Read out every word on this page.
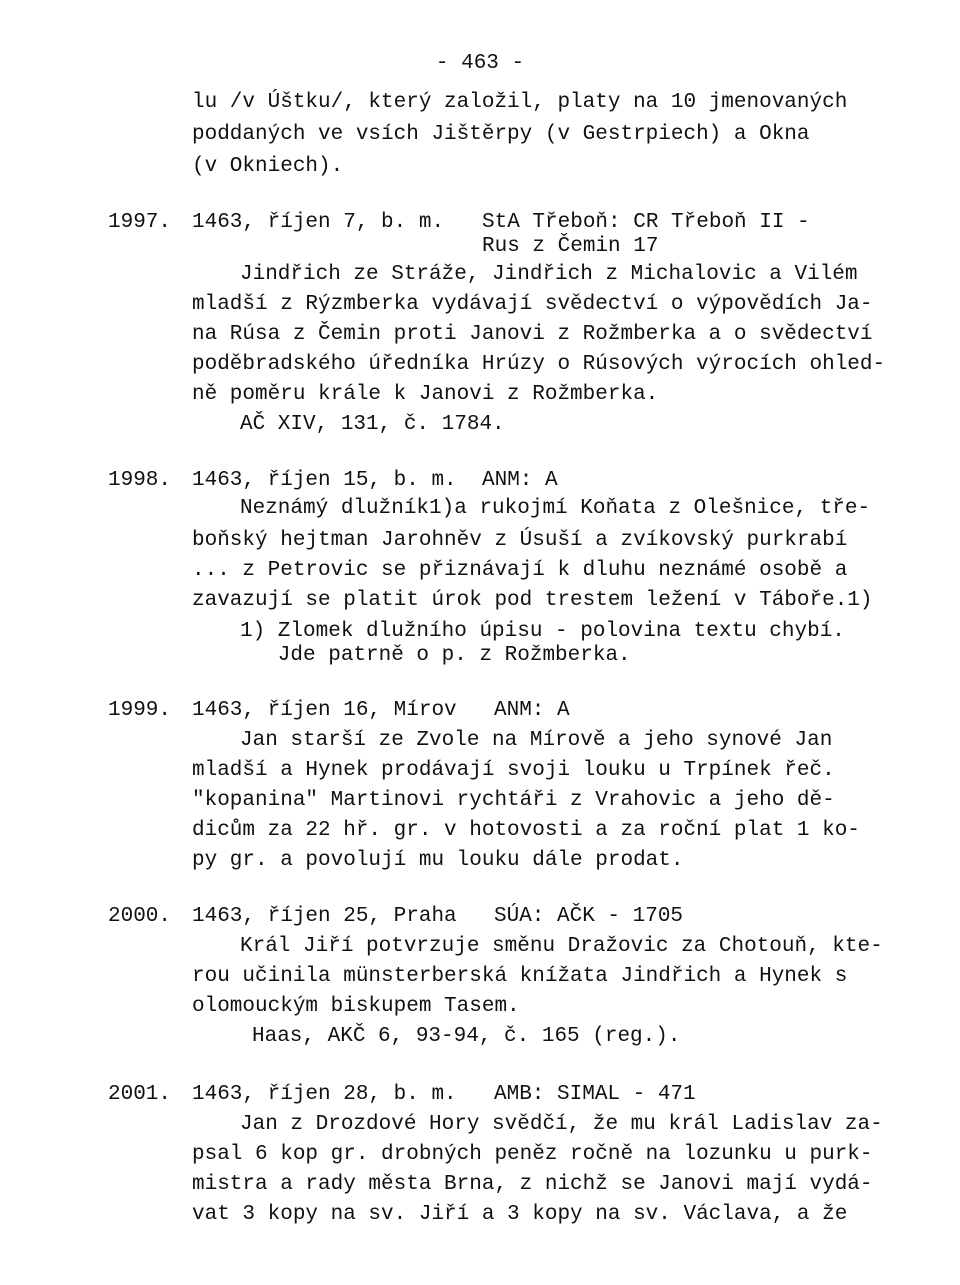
- 463 -
lu /v Úštku/, který založil, platy na 10 jmenovaných
poddaných ve vsích Jištěrpy (v Gestrpiech) a Okna
(v Okniech).
1997. 1463, říjen 7, b. m. StA Třeboň: CR Třeboň II -
Rus z Čemin 17
Jindřich ze Stráže, Jindřich z Michalovic a Vilém
mladší z Rýzmberka vydávají svědectví o výpovědích Ja-
na Rúsa z Čemin proti Janovi z Rožmberka a o svědectví
poděbradského úředníka Hrúzy o Rúsových výrocích ohled-
ně poměru krále k Janovi z Rožmberka.
AČ XIV, 131, č. 1784.
1998. 1463, říjen 15, b. m. ANM: A
Neznámý dlužník1)a rukojmí Koňata z Olešnice, tře-
boňský hejtman Jarohněv z Úsuší a zvíkovský purkrabí
... z Petrovic se přiznávají k dluhu neznámé osobě a
zavazují se platit úrok pod trestem ležení v Táboře.1)
1) Zlomek dlužního úpisu - polovina textu chybí.
Jde patrně o p. z Rožmberka.
1999. 1463, říjen 16, Mírov ANM: A
Jan starší ze Zvole na Mírově a jeho synové Jan
mladší a Hynek prodávají svoji louku u Trpínek řeč.
"kopanina" Martinovi rychtáři z Vrahovic a jeho dě-
dicům za 22 hř. gr. v hotovosti a za roční plat 1 ko-
py gr. a povolují mu louku dále prodat.
2000. 1463, říjen 25, Praha SÚA: AČK - 1705
Král Jiří potvrzuje směnu Dražovic za Chotouň, kte-
rou učinila münsterberská knížata Jindřich a Hynek s
olomouckým biskupem Tasem.
Haas, AKČ 6, 93-94, č. 165 (reg.).
2001. 1463, říjen 28, b. m. AMB: SIMAL - 471
Jan z Drozdové Hory svědčí, že mu král Ladislav za-
psal 6 kop gr. drobných peněz ročně na lozunku u purk-
mistra a rady města Brna, z nichž se Janovi mají vydá-
vat 3 kopy na sv. Jiří a 3 kopy na sv. Václava, a že
